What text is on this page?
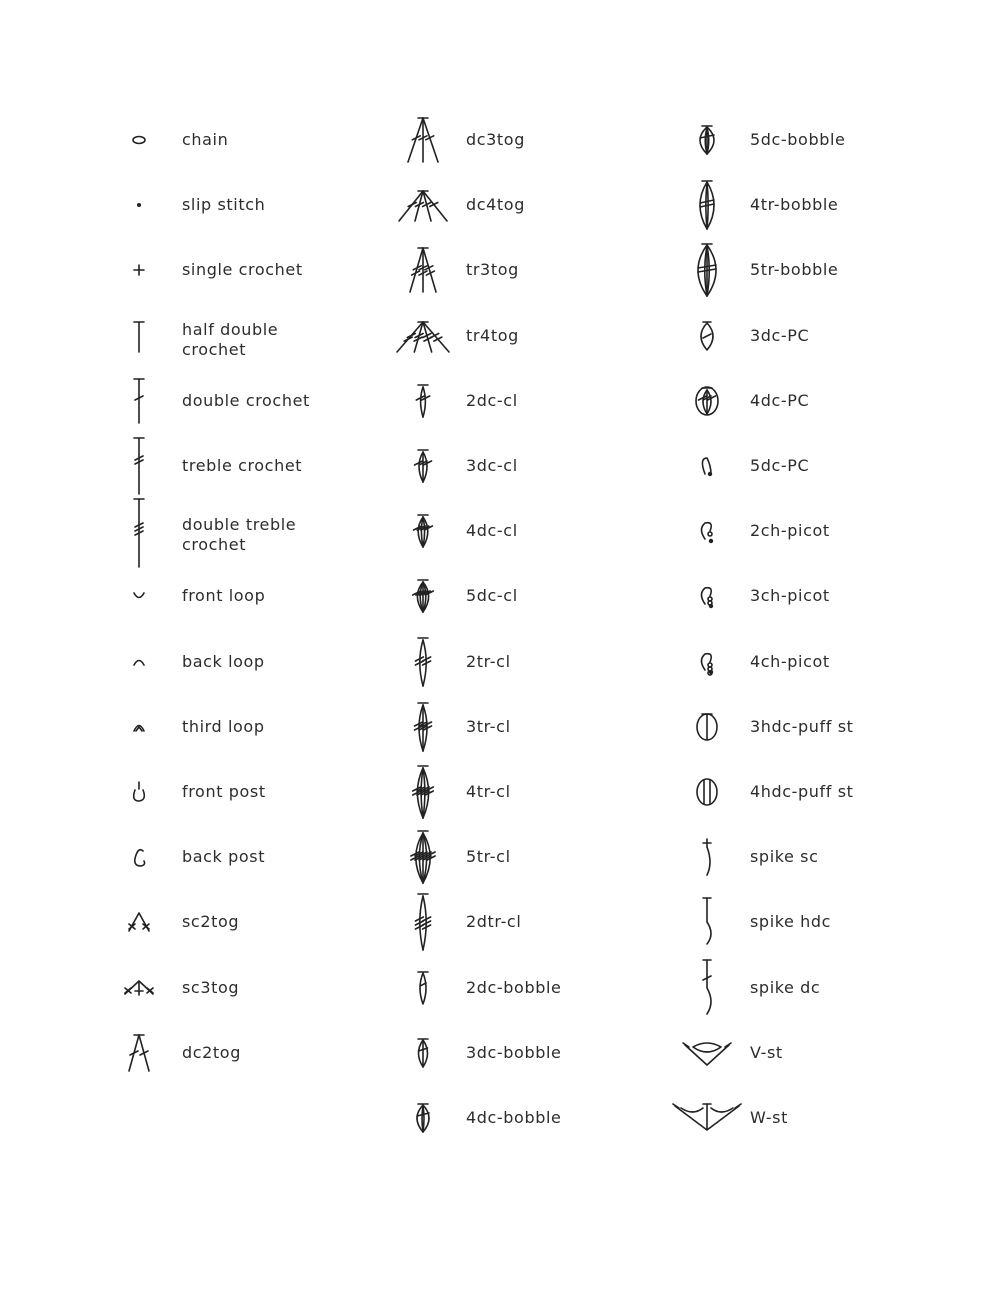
chain
slip stitch
single crochet
half double
crochet
double crochet
treble crochet
double treble
crochet
front loop
back loop
third loop
front post
back post
sc2tog
sc3tog
dc2tog
dc3tog
dc4tog
tr3tog
tr4tog
2dc-cl
3dc-cl
4dc-cl
5dc-cl
2tr-cl
3tr-cl
4tr-cl
5tr-cl
2dtr-cl
2dc-bobble
3dc-bobble
4dc-bobble
5dc-bobble
4tr-bobble
5tr-bobble
3dc-PC
4dc-PC
5dc-PC
2ch-picot
3ch-picot
4ch-picot
3hdc-puff st
4hdc-puff st
spike sc
spike hdc
spike dc
V-st
W-st
